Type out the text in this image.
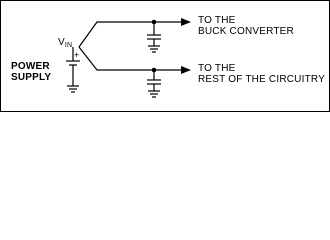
POWER
SUPPLY
$V_{IN}$
+
TO THE
BUCK CONVERTER
TO THE
REST OF THE CIRCUITRY
